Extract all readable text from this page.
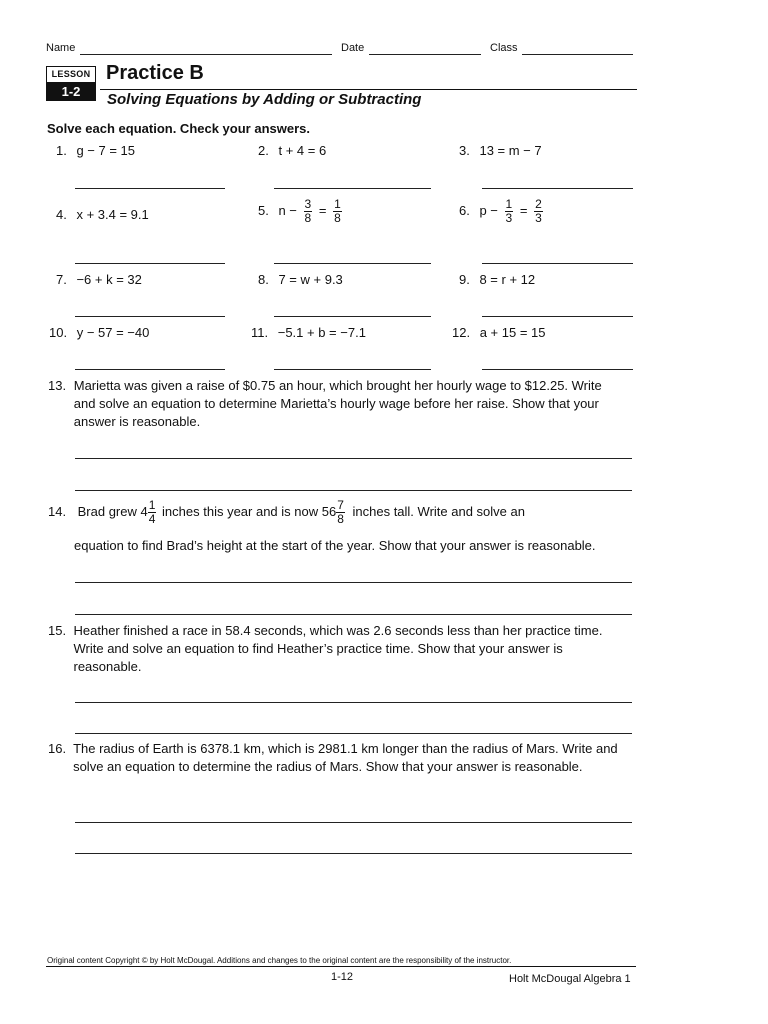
Name	Date	Class
LESSON
1-2
Practice B
Solving Equations by Adding or Subtracting
Solve each equation. Check your answers.
1. g − 7 = 15	2. t + 4 = 6	3. 13 = m − 7
4. x + 3.4 = 9.1	5. $n - \frac{3}{8} = \frac{1}{8}$	6. $p - \frac{1}{3} = \frac{2}{3}$
7. −6 + k = 32	8. 7 = w + 9.3	9. 8 = r + 12
10. y − 57 = −40	11. −5.1 + b = −7.1	12. a + 15 = 15
13. Marietta was given a raise of $0.75 an hour, which brought her hourly wage to $12.25. Write and solve an equation to determine Marietta’s hourly wage before her raise. Show that your answer is reasonable.
14. Brad grew $4 \frac{1}{4}$ inches this year and is now $56 \frac{7}{8}$ inches tall. Write and solve an
equation to find Brad’s height at the start of the year. Show that your answer is reasonable.
15. Heather finished a race in 58.4 seconds, which was 2.6 seconds less than her practice time. Write and solve an equation to find Heather’s practice time. Show that your answer is reasonable.
16. The radius of Earth is 6378.1 km, which is 2981.1 km longer than the radius of Mars. Write and solve an equation to determine the radius of Mars. Show that your answer is reasonable.
Original content Copyright © by Holt McDougal. Additions and changes to the original content are the responsibility of the instructor.
1-12	Holt McDougal Algebra 1
